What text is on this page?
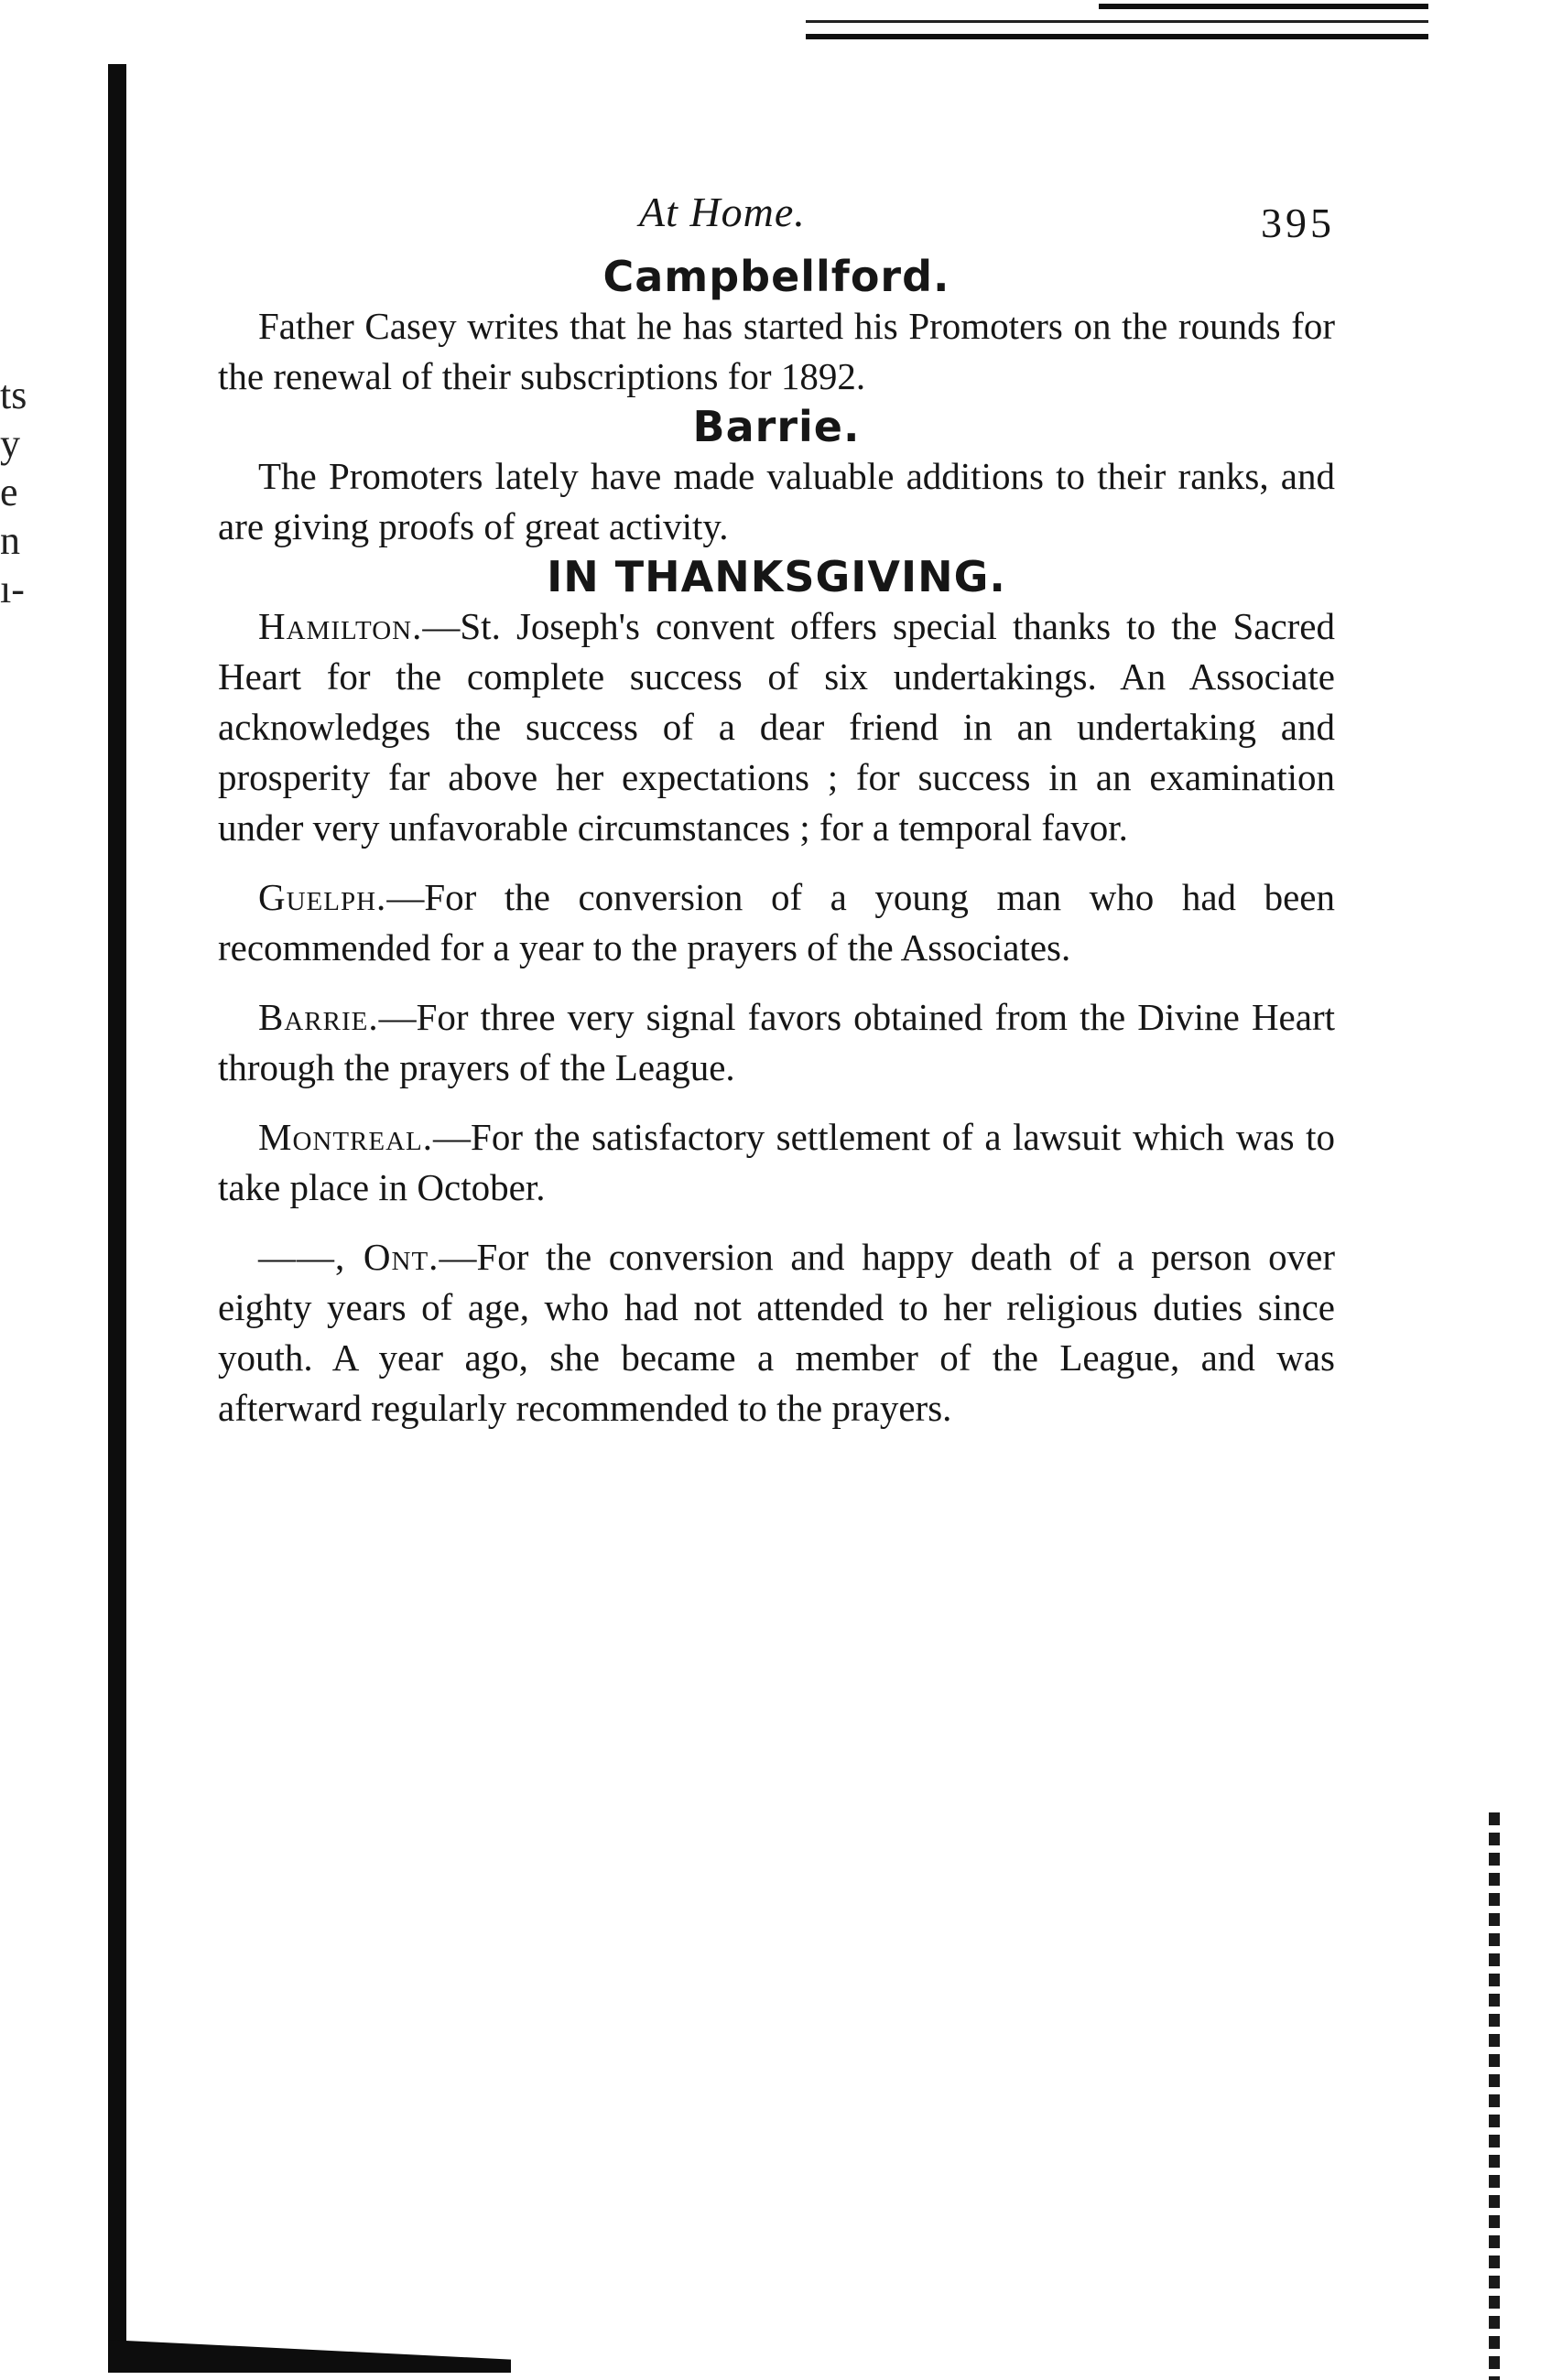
ts
y
e
n
ı-
At Home.	395
Campbellford.

Father Casey writes that he has started his Promoters on the rounds for the renewal of their subscriptions for 1892.

Barrie.

The Promoters lately have made valuable additions to their ranks, and are giving proofs of great activity.

IN THANKSGIVING.

Hamilton.—St. Joseph's convent offers special thanks to the Sacred Heart for the complete success of six undertakings. An Associate acknowledges the success of a dear friend in an undertaking and prosperity far above her expectations ; for success in an examination under very unfavorable circumstances ; for a temporal favor.

Guelph.—For the conversion of a young man who had been recommended for a year to the prayers of the Associates.

Barrie.—For three very signal favors obtained from the Divine Heart through the prayers of the League.

Montreal.—For the satisfactory settlement of a lawsuit which was to take place in October.

——, Ont.—For the conversion and happy death of a person over eighty years of age, who had not attended to her religious duties since youth. A year ago, she became a member of the League, and was afterward regularly recommended to the prayers.
